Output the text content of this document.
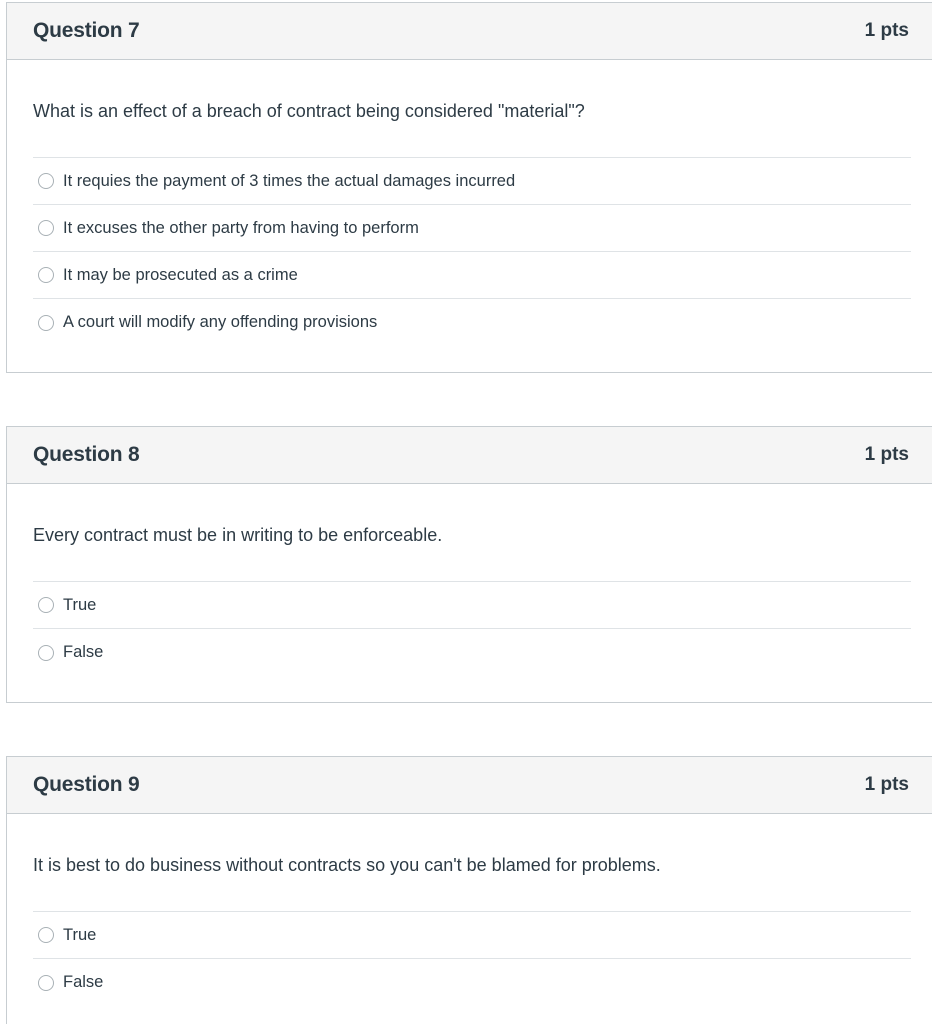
Question 7	1 pts
What is an effect of a breach of contract being considered "material"?
It requies the payment of 3 times the actual damages incurred
It excuses the other party from having to perform
It may be prosecuted as a crime
A court will modify any offending provisions
Question 8	1 pts
Every contract must be in writing to be enforceable.
True
False
Question 9	1 pts
It is best to do business without contracts so you can't be blamed for problems.
True
False
